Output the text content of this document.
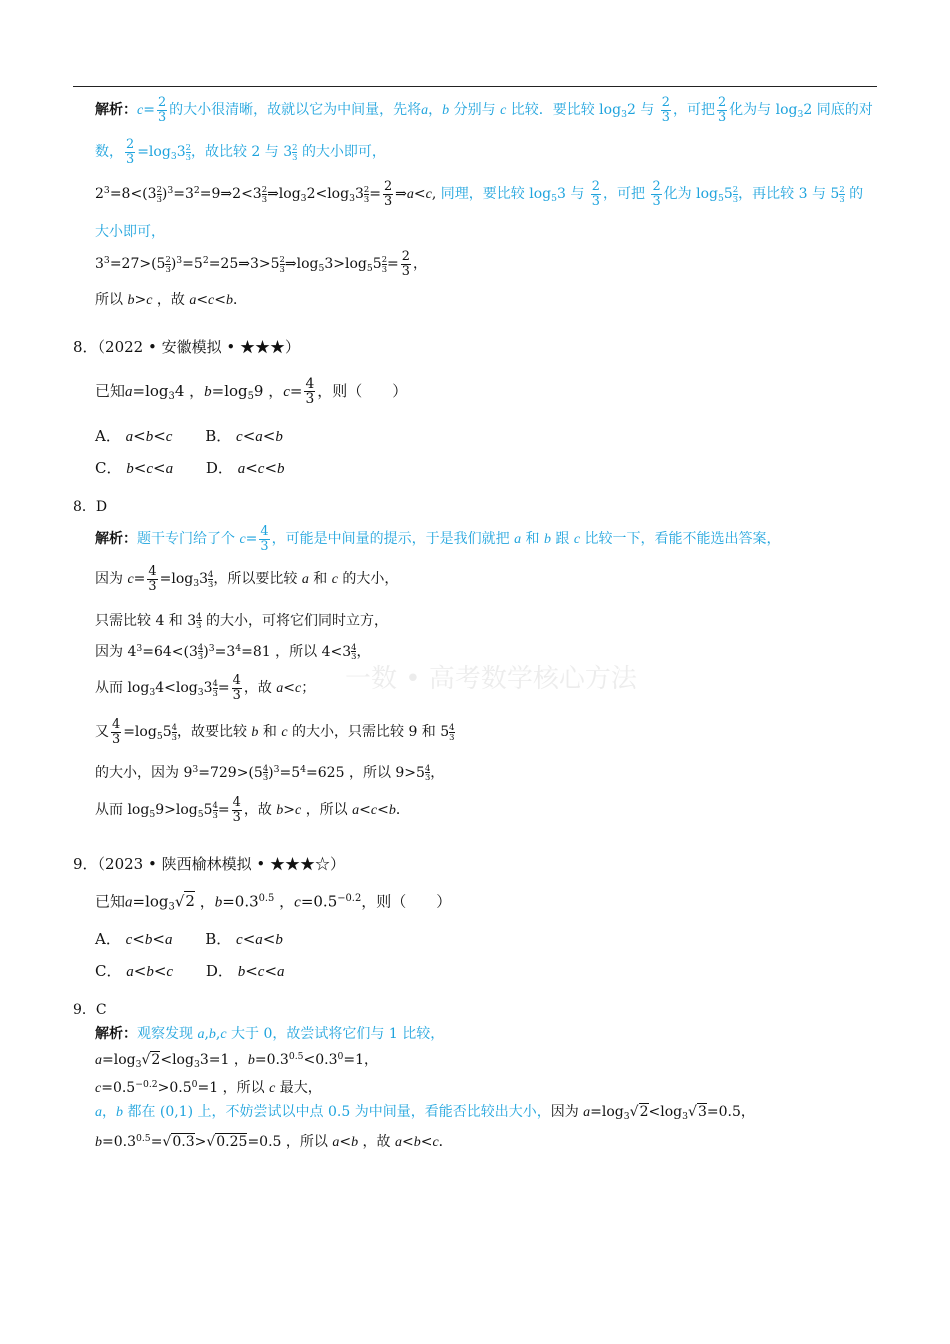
解析：$c= \frac{2}{3}$ 的大小很清晰，故就以它为中间量，先将a，b 分别与 c 比较．要比较 log32 与 $\frac{2}{3}$ ，可把 $\frac{2}{3}$ 化为与 log32 同底的对
数， $\frac{2}{3} =\log 33 \frac{2}{3}$ ，故比较 2 与 $3 \frac{2}{3}$ 的大小即可，
$2^3=8<(3 \frac{2}{3}$ )$^3=3^2=9\Rightarrow 2<3 \frac{2}{3}$ ⇒log32<log33 $\frac{2}{3} = \frac{2}{3}$ ⇒a<c, 同理，要比较 log53 与 $\frac{2}{3}$ ，可把 $\frac{2}{3}$ 化为 $\log 55 \frac{2}{3}$ ，再比较 3 与 $5 \frac{2}{3}$ 的
大小即可，
$3^3=27>(5 \frac{2}{3}$ )$^3=5^2=25\Rightarrow 3>5 \frac{2}{3}$ ⇒log53>log55 $\frac{2}{3} = \frac{2}{3}$ ，
所以 b>c ，故 a<c<b．
8．（2022 • 安徽模拟 • ★★★）
已知a=log34 ，b=log59 ，$c= \frac{4}{3}$ ，则（　　）
A． a<b<c B． c<a<b
C． b<c<a D． a<c<b
8．D
解析：题干专门给了个 $c= \frac{4}{3}$ ，可能是中间量的提示，于是我们就把 a 和 b 跟 c 比较一下，看能不能选出答案，
因为 $c= \frac{4}{3} =\log 33 \frac{4}{3}$ ，所以要比较 a 和 c 的大小，
只需比较 4 和 $3 \frac{4}{3}$ 的大小，可将它们同时立方，
因为 $4^3=64<(3 \frac{4}{3} )^3=3^4=81$ ，所以 $4<3 \frac{4}{3}$ ，
从而 $\log 34<\log 33 \frac{4}{3} = \frac{4}{3}$ ，故 a<c；
又 $\frac{4}{3} =\log 55 \frac{4}{3}$ ，故要比较 b 和 c 的大小，只需比较 9 和 $5 \frac{4}{3}$
的大小，因为 $9^3=729>(5 \frac{4}{3} )^3=5^4=625$ ，所以 $9>5 \frac{4}{3}$ ，
从而 $\log 59>\log 55 \frac{4}{3} = \frac{4}{3}$ ，故 b>c ，所以 a<c<b．
一数 • 高考数学核心方法
9．（2023 • 陕西榆林模拟 • ★★★☆）
已知a=log3√2 ，$b=0.3^{0.5}$ ，$c=0.5^{-0.2}$，则（　　）
A． c<b<a B． c<a<b
C． a<b<c D． b<c<a
9．C
解析：观察发现 a,b,c 大于 0，故尝试将它们与 1 比较，
a=log3√2<log33=1 ，$b=0.3^{0.5}<0.3^0=1$，
$c=0.5^{-0.2}>0.5^0=1$ ，所以 c 最大，
a，b 都在 (0,1) 上，不妨尝试以中点 0.5 为中间量，看能否比较出大小，因为 a=log3√2<log3√3=0.5，
$b=0.3^{0.5}=√0.3>√0.25=0.5$ ，所以 a<b ，故 a<b<c．
